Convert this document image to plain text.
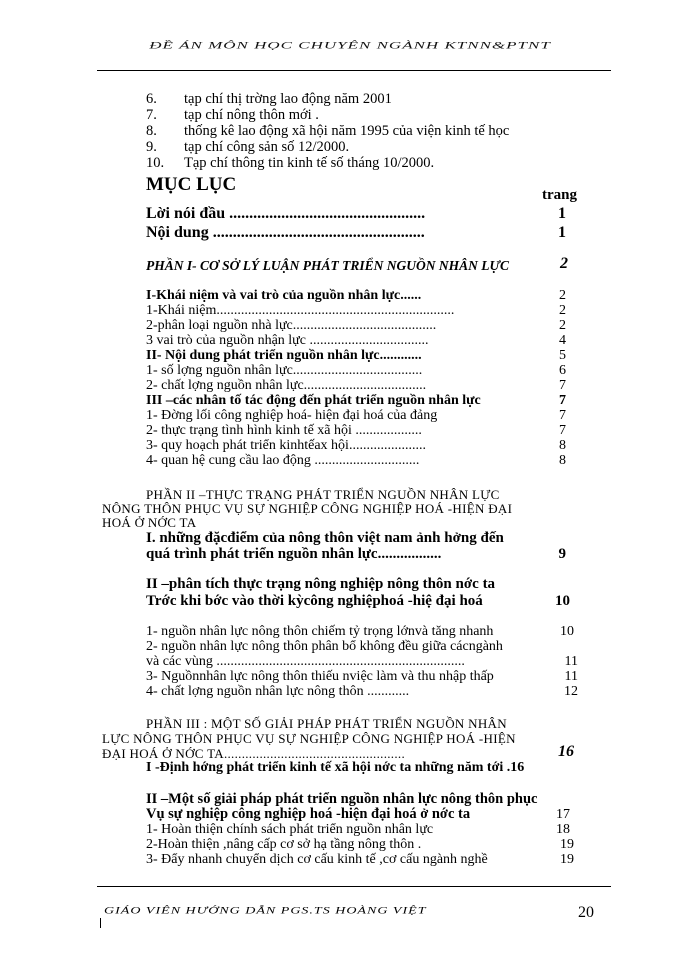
ĐỀ ÁN MÔN HỌC CHUYÊN NGÀNH KTNN&PTNT
6. tạp chí thị trờng lao động năm 2001
7. tạp chí nông thôn mới .
8. thống kê lao động xã hội năm 1995 của viện kinh tế học
9. tạp chí công sản số 12/2000.
10. Tạp chí thông tin kinh tế số tháng 10/2000.
MỤC LỤC	trang
Lời nói đầu .................................................	1
Nội dung .....................................................	1
PHẦN I- CƠ SỞ LÝ LUẬN PHÁT TRIỂN NGUỒN NHÂN LỰC	2
I-Khái niệm và vai trò của nguồn nhân lực......	2
1-Khái niệm....................................................................	2
2-phân loại nguồn nhà lực.........................................	2
3 vai trò của nguồn nhận lực ..................................	4
II- Nội dung phát triển nguồn nhân lực............	5
1- số lợng nguồn nhân lực.....................................	6
2- chất lợng nguồn nhân lực...................................	7
III –các nhân tố tác động đến phát triển nguồn nhân lực	7
1- Đờng lối công nghiệp hoá- hiện đại hoá của đảng	7
2- thực trạng tình hình kinh tế xã hội ...................	7
3- quy hoạch phát triển kinhtếax hội......................	8
4- quan hệ cung cầu lao động ..............................	8
PHẦN II –THỰC TRẠNG PHÁT TRIỂN NGUỒN NHÂN LỰC
NÔNG THÔN PHỤC VỤ SỰ NGHIỆP CÔNG NGHIỆP HOÁ -HIỆN ĐẠI
HOÁ Ở NỚC TA
I. những đặcđiểm của nông thôn việt nam ảnh hởng đến
quá trình phát triển nguồn nhân lực.................	9
II –phân tích thực trạng nông nghiệp nông thôn nớc ta
Trớc khi bớc vào thời kỳcông nghiệphoá -hiệ đại hoá	10
1- nguồn nhân lực nông thôn chiếm tỷ trọng lớnvà tăng nhanh	10
2- nguồn nhân lực nông thôn phân bổ không đều giữa cácngành
và các vùng .......................................................................	11
3- Nguồnnhân lực nông thôn thiếu nviệc làm và thu nhập thấp	11
4- chất lợng nguồn nhân lực nông thôn ............	12
PHẦN III : MỘT SỐ GIẢI PHÁP PHÁT TRIỂN NGUỒN NHÂN
LỰC NÔNG THÔN PHỤC VỤ SỰ NGHIỆP CÔNG NGHIỆP HOÁ -HIỆN
ĐẠI HOÁ Ở NỚC TA...................................................	16
I -Định hớng phát triển kinh tế xã hội nớc ta những năm tới .16
II –Một số giải pháp phát triển nguồn nhân lực nông thôn phục
Vụ sự nghiệp công nghiệp hoá -hiện đại hoá ở nớc ta	17
1- Hoàn thiện chính sách phát triển nguồn nhân lực	18
2-Hoàn thiện ,nâng cấp cơ sở hạ tầng nông thôn .	19
3- Đẩy nhanh chuyển dịch cơ cấu kinh tế ,cơ cấu ngành nghề	19
GIÁO VIÊN HƯỚNG DẪN PGS.TS HOÀNG VIỆT	20
